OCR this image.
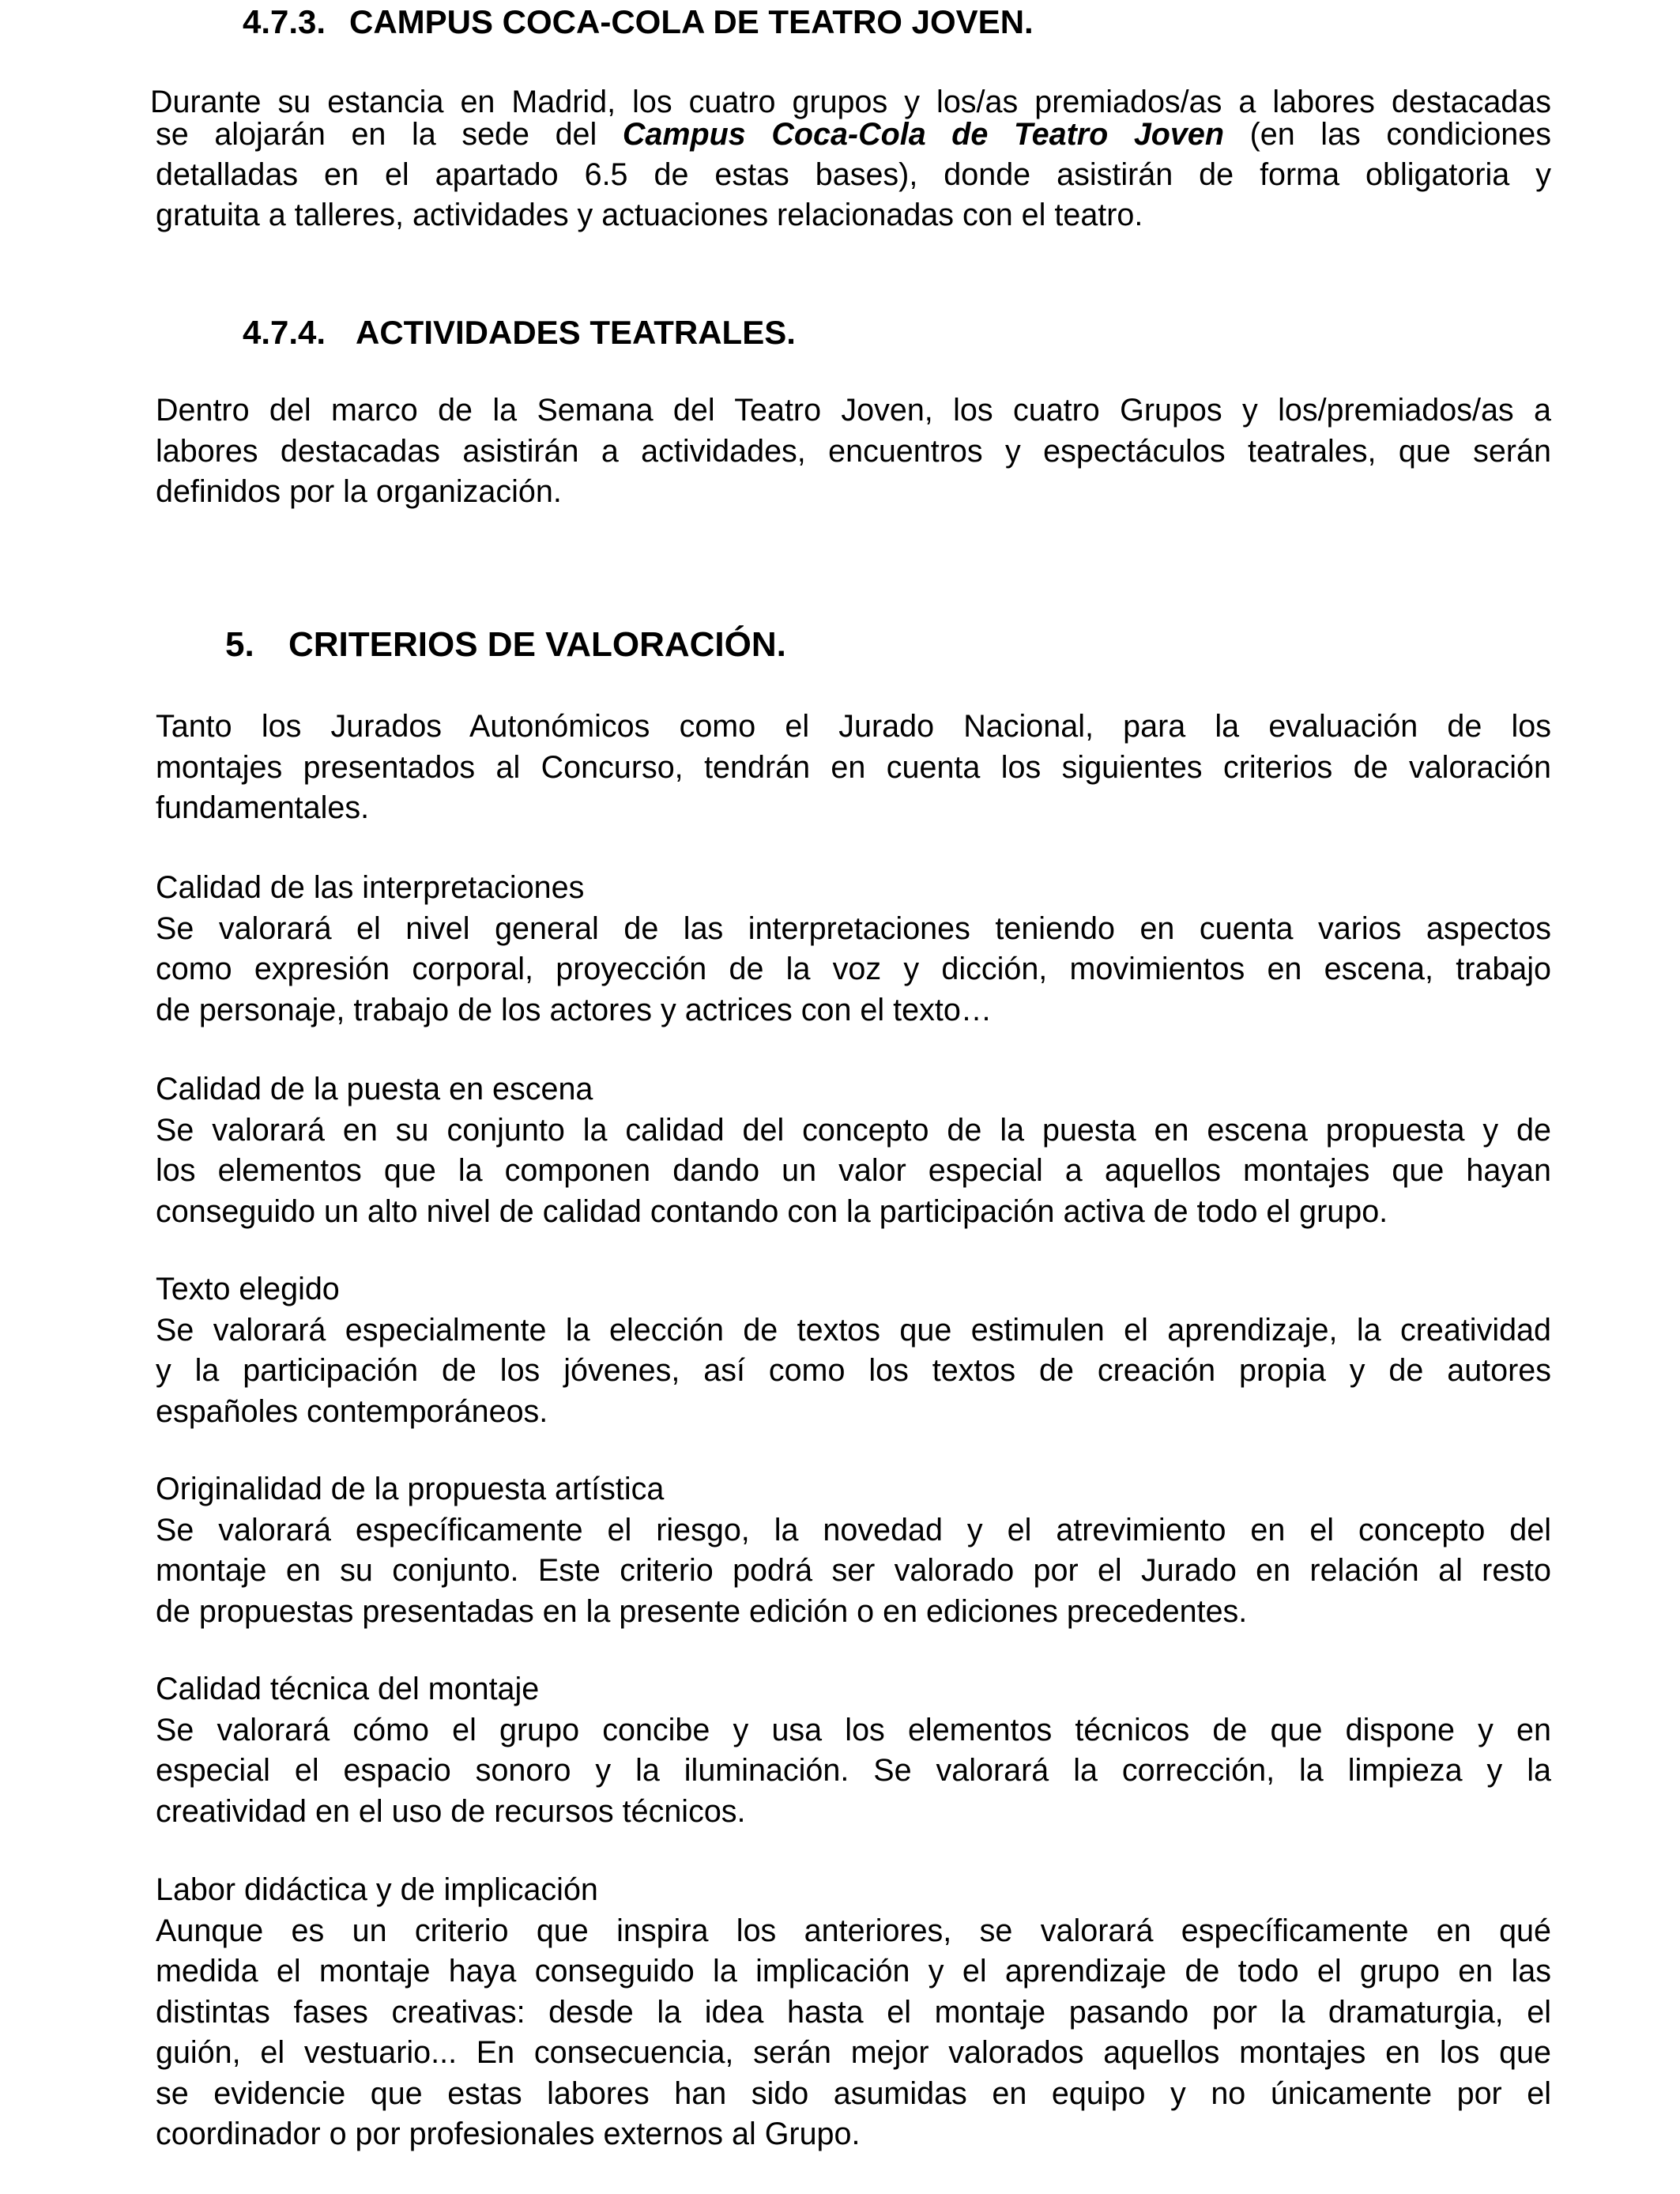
4.7.3. CAMPUS COCA-COLA DE TEATRO JOVEN.
Durante su estancia en Madrid, los cuatro grupos y los/as premiados/as a labores destacadas
se alojarán en la sede del Campus Coca-Cola de Teatro Joven (en las condiciones
detalladas en el apartado 6.5 de estas bases), donde asistirán de forma obligatoria y
gratuita a talleres, actividades y actuaciones relacionadas con el teatro.
4.7.4. ACTIVIDADES TEATRALES.
Dentro del marco de la Semana del Teatro Joven, los cuatro Grupos y los/premiados/as a
labores destacadas asistirán a actividades, encuentros y espectáculos teatrales, que serán
definidos por la organización.
5. CRITERIOS DE VALORACIÓN.
Tanto los Jurados Autonómicos como el Jurado Nacional, para la evaluación de los
montajes presentados al Concurso, tendrán en cuenta los siguientes criterios de valoración
fundamentales.
Calidad de las interpretaciones
Se valorará el nivel general de las interpretaciones teniendo en cuenta varios aspectos
como expresión corporal, proyección de la voz y dicción, movimientos en escena, trabajo
de personaje, trabajo de los actores y actrices con el texto…
Calidad de la puesta en escena
Se valorará en su conjunto la calidad del concepto de la puesta en escena propuesta y de
los elementos que la componen dando un valor especial a aquellos montajes que hayan
conseguido un alto nivel de calidad contando con la participación activa de todo el grupo.
Texto elegido
Se valorará especialmente la elección de textos que estimulen el aprendizaje, la creatividad
y la participación de los jóvenes, así como los textos de creación propia y de autores
españoles contemporáneos.
Originalidad de la propuesta artística
Se valorará específicamente el riesgo, la novedad y el atrevimiento en el concepto del
montaje en su conjunto. Este criterio podrá ser valorado por el Jurado en relación al resto
de propuestas presentadas en la presente edición o en ediciones precedentes.
Calidad técnica del montaje
Se valorará cómo el grupo concibe y usa los elementos técnicos de que dispone y en
especial el espacio sonoro y la iluminación. Se valorará la corrección, la limpieza y la
creatividad en el uso de recursos técnicos.
Labor didáctica y de implicación
Aunque es un criterio que inspira los anteriores, se valorará específicamente en qué
medida el montaje haya conseguido la implicación y el aprendizaje de todo el grupo en las
distintas fases creativas: desde la idea hasta el montaje pasando por la dramaturgia, el
guión, el vestuario... En consecuencia, serán mejor valorados aquellos montajes en los que
se evidencie que estas labores han sido asumidas en equipo y no únicamente por el
coordinador o por profesionales externos al Grupo.
